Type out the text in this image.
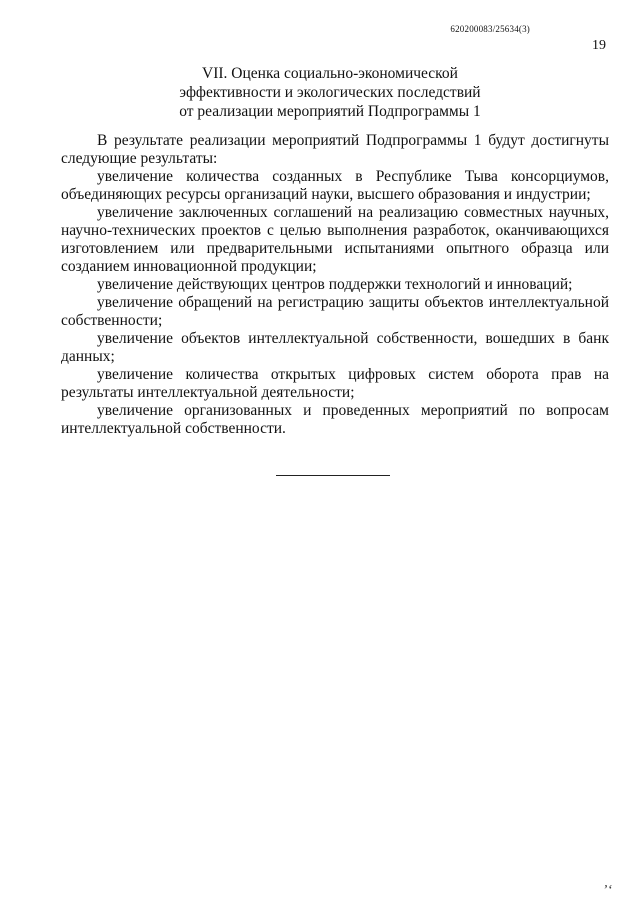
620200083/25634(3)
19
VII. Оценка социально-экономической
эффективности и экологических последствий
от реализации мероприятий Подпрограммы 1

В результате реализации мероприятий Подпрограммы 1 будут достигнуты следующие результаты:

увеличение количества созданных в Республике Тыва консорциумов, объединяющих ресурсы организаций науки, высшего образования и индустрии;

увеличение заключенных соглашений на реализацию совместных научных, научно-технических проектов с целью выполнения разработок, оканчивающихся изготовлением или предварительными испытаниями опытного образца или созданием инновационной продукции;

увеличение действующих центров поддержки технологий и инноваций;

увеличение обращений на регистрацию защиты объектов интеллектуальной собственности;

увеличение объектов интеллектуальной собственности, вошедших в банк данных;

увеличение количества открытых цифровых систем оборота прав на результаты интеллектуальной деятельности;

увеличение организованных и проведенных мероприятий по вопросам интеллектуальной собственности.

ʼʻ
